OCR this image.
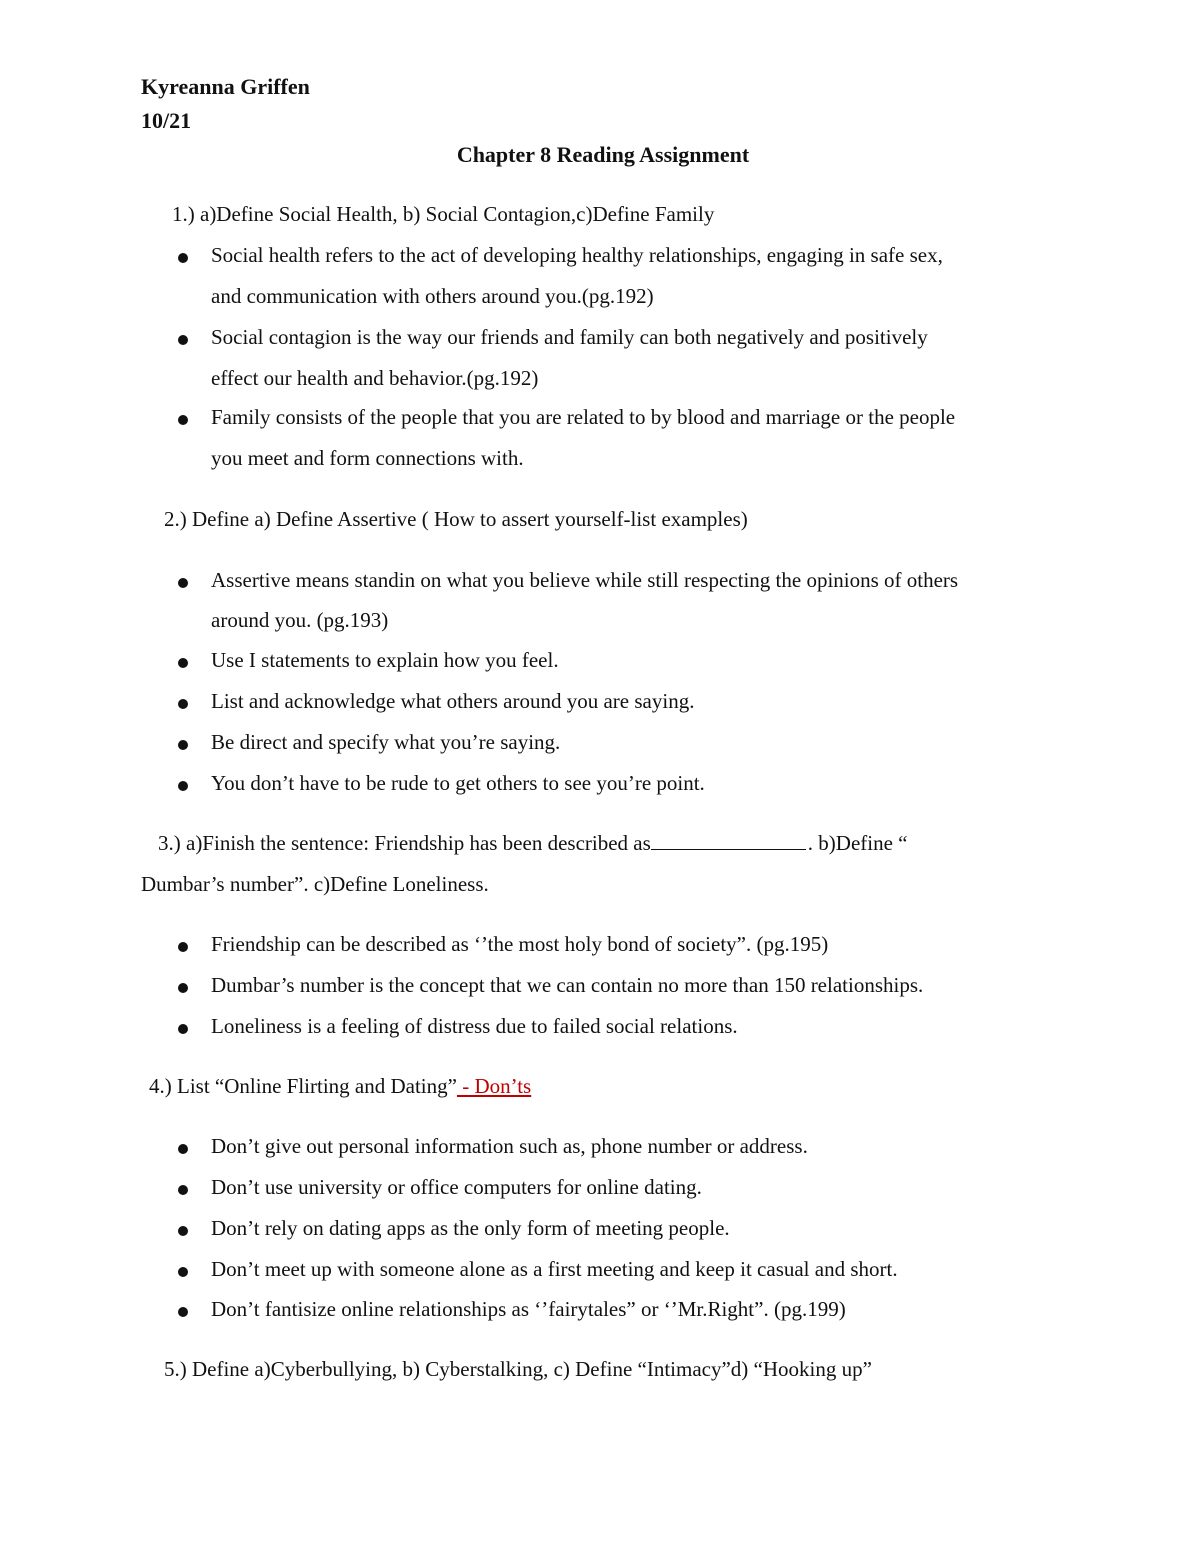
Kyreanna Griffen
10/21
Chapter 8 Reading Assignment
1.) a)Define Social Health, b) Social Contagion,c)Define Family
Social health refers to the act of developing healthy relationships, engaging in safe sex,
and communication with others around you.(pg.192)
Social contagion is the way our friends and family can both negatively and positively
effect our health and behavior.(pg.192)
Family consists of the people that you are related to by blood and marriage or the people
you meet and form connections with.
2.) Define a) Define Assertive ( How to assert yourself-list examples)
Assertive means standin on what you believe while still respecting the opinions of others
around you. (pg.193)
Use I statements to explain how you feel.
List and acknowledge what others around you are saying.
Be direct and specify what you’re saying.
You don’t have to be rude to get others to see you’re point.
3.) a)Finish the sentence: Friendship has been described as	. b)Define “
Dumbar’s number”. c)Define Loneliness.
Friendship can be described as ‘’the most holy bond of society”. (pg.195)
Dumbar’s number is the concept that we can contain no more than 150 relationships.
Loneliness is a feeling of distress due to failed social relations.
4.) List “Online Flirting and Dating” - Don’ts
Don’t give out personal information such as, phone number or address.
Don’t use university or office computers for online dating.
Don’t rely on dating apps as the only form of meeting people.
Don’t meet up with someone alone as a first meeting and keep it casual and short.
Don’t fantisize online relationships as ‘’fairytales” or ‘’Mr.Right”. (pg.199)
5.) Define a)Cyberbullying, b) Cyberstalking, c) Define “Intimacy”d) “Hooking up”
